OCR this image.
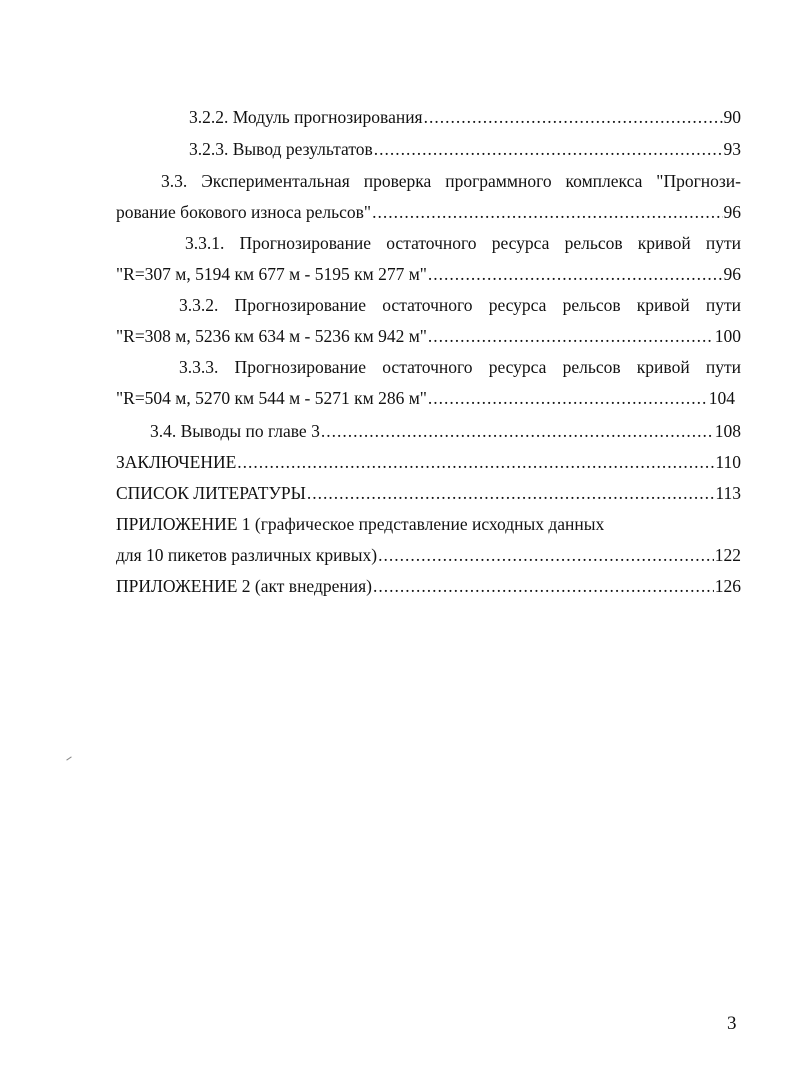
3.2.2. Модуль прогнозирования .....	90
3.2.3. Вывод результатов .....	93
3.3. Экспериментальная проверка программного комплекса "Прогнози-
рование бокового износа рельсов" .....	96
3.3.1. Прогнозирование остаточного ресурса рельсов кривой пути
"R=307 м, 5194 км 677 м - 5195 км 277 м" .....	96
3.3.2. Прогнозирование остаточного ресурса рельсов кривой пути
"R=308 м, 5236 км 634 м - 5236 км 942 м" .....	100
3.3.3. Прогнозирование остаточного ресурса рельсов кривой пути
"R=504 м, 5270 км 544 м - 5271 км 286 м" .....	104
3.4. Выводы по главе 3 .....	108
ЗАКЛЮЧЕНИЕ .....	110
СПИСОК ЛИТЕРАТУРЫ .....	113
ПРИЛОЖЕНИЕ 1 (графическое представление исходных данных
для 10 пикетов различных кривых) .....	122
ПРИЛОЖЕНИЕ 2 (акт внедрения) .....	126
3
